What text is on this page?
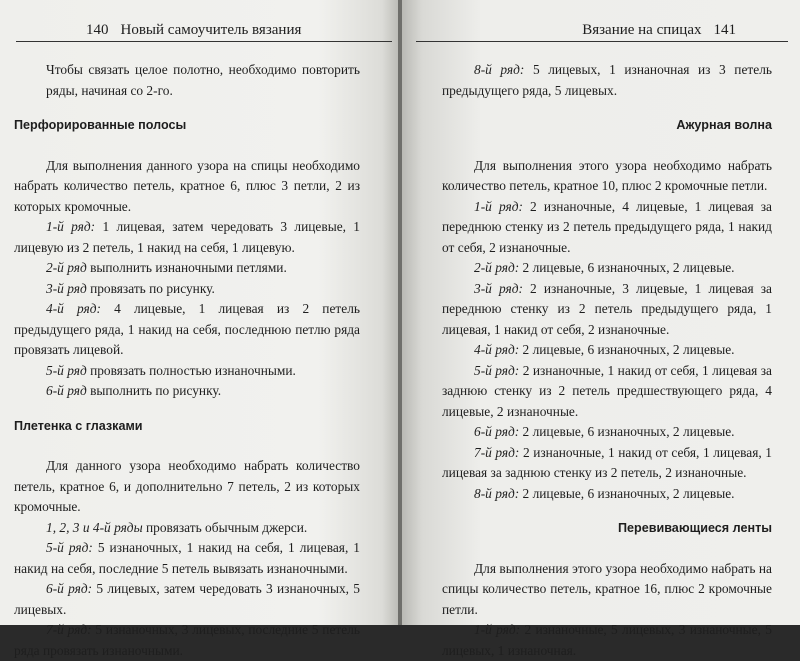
140 Новый самоучитель вязания

Чтобы связать целое полотно, необходимо повторить ряды, начиная со 2-го.

Перфорированные полосы

Для выполнения данного узора на спицы необходимо набрать количество петель, кратное 6, плюс 3 петли, 2 из которых кромочные.

1-й ряд: 1 лицевая, затем чередовать 3 лицевые, 1 лицевую из 2 петель, 1 накид на себя, 1 лицевую.

2-й ряд выполнить изнаночными петлями.

3-й ряд провязать по рисунку.

4-й ряд: 4 лицевые, 1 лицевая из 2 петель предыдущего ряда, 1 накид на себя, последнюю петлю ряда провязать лицевой.

5-й ряд провязать полностью изнаночными.

6-й ряд выполнить по рисунку.

Плетенка с глазками

Для данного узора необходимо набрать количество петель, кратное 6, и дополнительно 7 петель, 2 из которых кромочные.

1, 2, 3 и 4-й ряды провязать обычным джерси.

5-й ряд: 5 изнаночных, 1 накид на себя, 1 лицевая, 1 накид на себя, последние 5 петель вывязать изнаночными.

6-й ряд: 5 лицевых, затем чередовать 3 изнаночных, 5 лицевых.

7-й ряд: 5 изнаночных, 3 лицевых, последние 5 петель ряда провязать изнаночными.

Вязание на спицах 141

8-й ряд: 5 лицевых, 1 изнаночная из 3 петель предыдущего ряда, 5 лицевых.

Ажурная волна

Для выполнения этого узора необходимо набрать количество петель, кратное 10, плюс 2 кромочные петли.

1-й ряд: 2 изнаночные, 4 лицевые, 1 лицевая за переднюю стенку из 2 петель предыдущего ряда, 1 накид от себя, 2 изнаночные.

2-й ряд: 2 лицевые, 6 изнаночных, 2 лицевые.

3-й ряд: 2 изнаночные, 3 лицевые, 1 лицевая за переднюю стенку из 2 петель предыдущего ряда, 1 лицевая, 1 накид от себя, 2 изнаночные.

4-й ряд: 2 лицевые, 6 изнаночных, 2 лицевые.

5-й ряд: 2 изнаночные, 1 накид от себя, 1 лицевая за заднюю стенку из 2 петель предшествующего ряда, 4 лицевые, 2 изнаночные.

6-й ряд: 2 лицевые, 6 изнаночных, 2 лицевые.

7-й ряд: 2 изнаночные, 1 накид от себя, 1 лицевая, 1 лицевая за заднюю стенку из 2 петель, 2 изнаночные.

8-й ряд: 2 лицевые, 6 изнаночных, 2 лицевые.

Перевивающиеся ленты

Для выполнения этого узора необходимо набрать на спицы количество петель, кратное 16, плюс 2 кромочные петли.

1-й ряд: 2 изнаночные, 5 лицевых, 3 изнаночные, 5 лицевых, 1 изнаночная.
